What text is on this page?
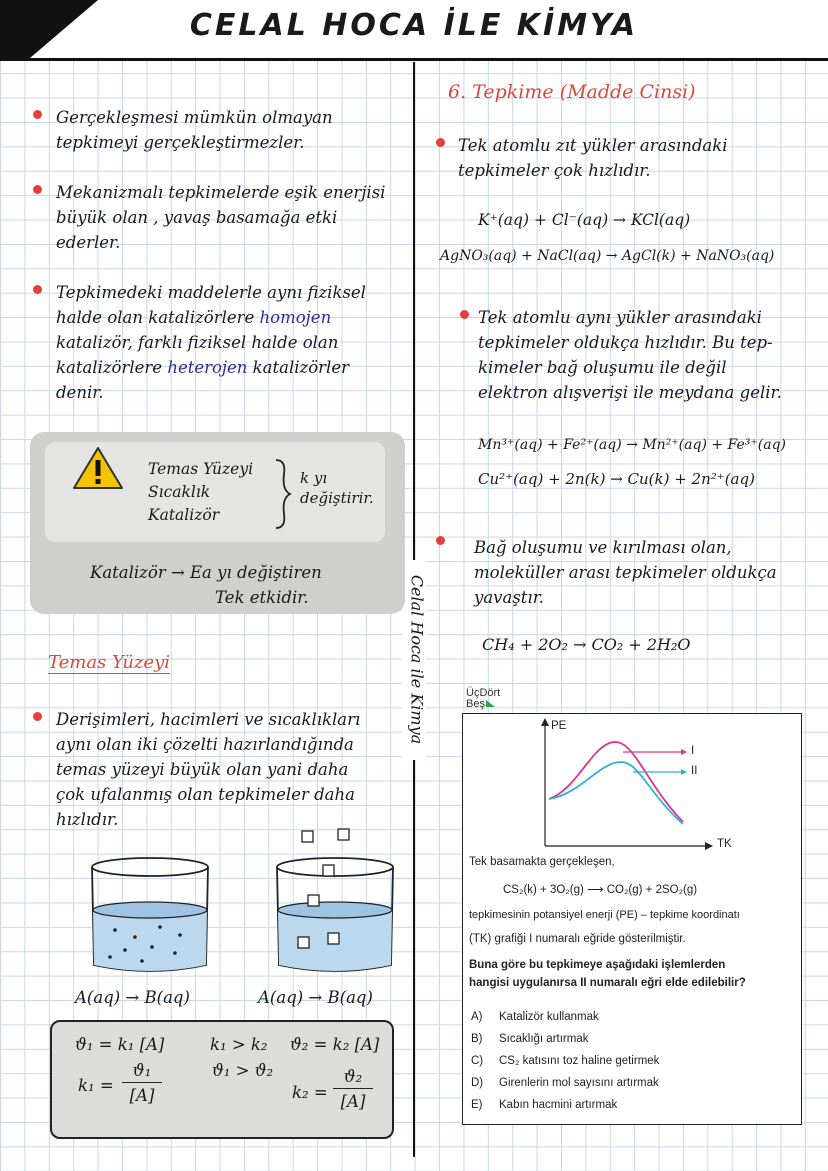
CELAL HOCA İLE KİMYA
Celal Hoca ile Kimya
Gerçekleşmesi mümkün olmayan
tepkimeyi gerçekleştirmezler.
Mekanizmalı tepkimelerde eşik enerjisi
büyük olan , yavaş basamağa etki
ederler.
Tepkimedeki maddelerle aynı fiziksel
halde olan katalizörlere homojen
katalizör, farklı fiziksel halde olan
katalizörlere heterojen katalizörler
denir.
Temas Yüzeyi
Sıcaklık
Katalizör
k yı
değiştirir.
Katalizör → Ea yı değiştiren
Tek etkidir.
Temas Yüzeyi
Derişimleri, hacimleri ve sıcaklıkları
aynı olan iki çözelti hazırlandığında
temas yüzeyi büyük olan yani daha
çok ufalanmış olan tepkimeler daha
hızlıdır.
A(aq) → B(aq)	A(aq) → B(aq)
ϑ₁ = k₁ [A]	k₁ > k₂ ϑ₂ = k₂ [A]
ϑ₁ > ϑ₂
k₁ =
ϑ₁
[A]	k₂ =
ϑ₂
[A]
6. Tepkime (Madde Cinsi)
Tek atomlu zıt yükler arasındaki
tepkimeler çok hızlıdır.
K⁺(aq) + Cl⁻(aq) → KCl(aq)
AgNO₃(aq) + NaCl(aq) → AgCl(k) + NaNO₃(aq)
Tek atomlu aynı yükler arasındaki
tepkimeler oldukça hızlıdır. Bu tep-
kimeler bağ oluşumu ile değil
elektron alışverişi ile meydana gelir.
Mn³⁺(aq) + Fe²⁺(aq) → Mn²⁺(aq) + Fe³⁺(aq)
Cu²⁺(aq) + 2n(k) → Cu(k) + 2n²⁺(aq)
Bağ oluşumu ve kırılması olan,
moleküller arası tepkimeler oldukça
yavaştır.
CH₄ + 2O₂ → CO₂ + 2H₂O
ÜçDört
Beş
PE
TK
I
II
Tek basamakta gerçekleşen,
CS₂(k) + 3O₂(g) ⟶ CO₂(g) + 2SO₂(g)
tepkimesinin potansiyel enerji (PE) – tepkime koordinatı
(TK) grafiği I numaralı eğride gösterilmiştir.
Buna göre bu tepkimeye aşağıdaki işlemlerden
hangisi uygulanırsa II numaralı eğri elde edilebilir?
A) Katalizör kullanmak
B) Sıcaklığı artırmak
C) CS₂ katısını toz haline getirmek
D) Girenlerin mol sayısını artırmak
E) Kabın hacmini artırmak
